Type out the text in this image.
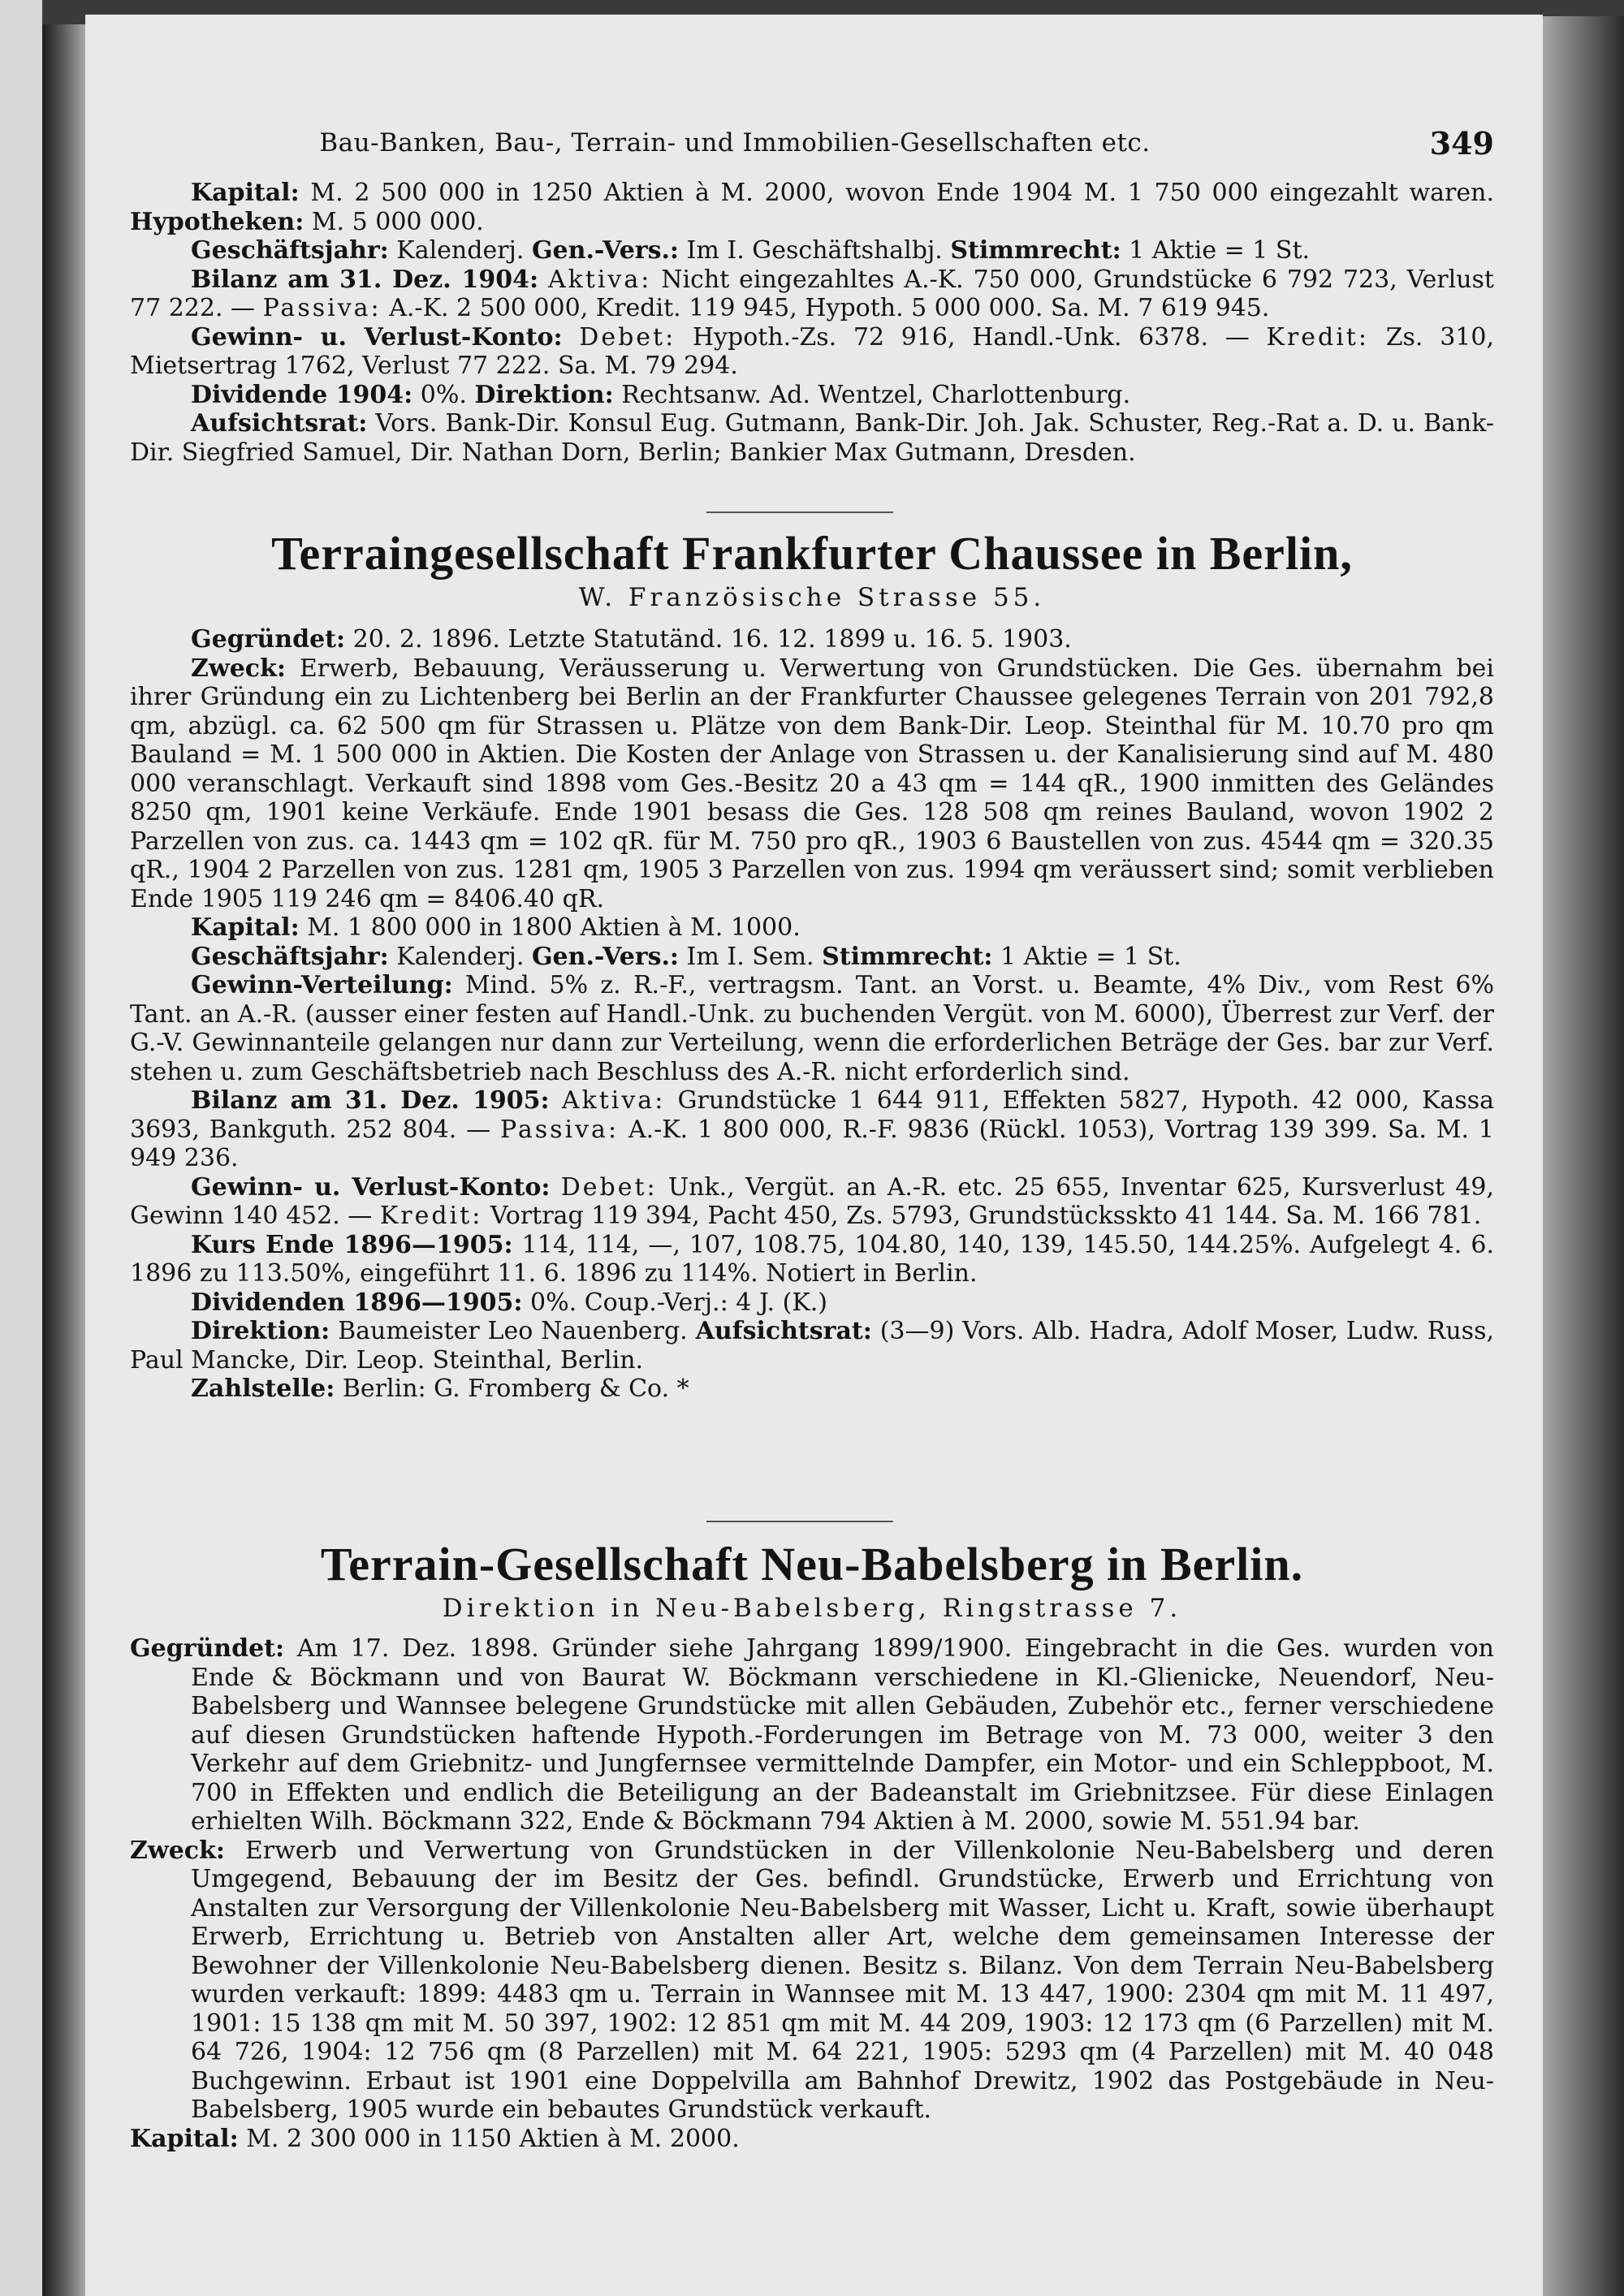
Bau-Banken, Bau-, Terrain- und Immobilien-Gesellschaften etc.	349

Kapital: M. 2 500 000 in 1250 Aktien à M. 2000, wovon Ende 1904 M. 1 750 000 eingezahlt waren. Hypotheken: M. 5 000 000.

Geschäftsjahr: Kalenderj. Gen.-Vers.: Im I. Geschäftshalbj. Stimmrecht: 1 Aktie = 1 St.

Bilanz am 31. Dez. 1904: Aktiva: Nicht eingezahltes A.-K. 750 000, Grundstücke 6 792 723, Verlust 77 222. — Passiva: A.-K. 2 500 000, Kredit. 119 945, Hypoth. 5 000 000. Sa. M. 7 619 945.

Gewinn- u. Verlust-Konto: Debet: Hypoth.-Zs. 72 916, Handl.-Unk. 6378. — Kredit: Zs. 310, Mietsertrag 1762, Verlust 77 222. Sa. M. 79 294.

Dividende 1904: 0%. Direktion: Rechtsanw. Ad. Wentzel, Charlottenburg.

Aufsichtsrat: Vors. Bank-Dir. Konsul Eug. Gutmann, Bank-Dir. Joh. Jak. Schuster, Reg.-Rat a. D. u. Bank-Dir. Siegfried Samuel, Dir. Nathan Dorn, Berlin; Bankier Max Gutmann, Dresden.

Terraingesellschaft Frankfurter Chaussee in Berlin,
W. Französische Strasse 55.

Gegründet: 20. 2. 1896. Letzte Statutänd. 16. 12. 1899 u. 16. 5. 1903.

Zweck: Erwerb, Bebauung, Veräusserung u. Verwertung von Grundstücken. Die Ges. übernahm bei ihrer Gründung ein zu Lichtenberg bei Berlin an der Frankfurter Chaussee gelegenes Terrain von 201 792,8 qm, abzügl. ca. 62 500 qm für Strassen u. Plätze von dem Bank-Dir. Leop. Steinthal für M. 10.70 pro qm Bauland = M. 1 500 000 in Aktien. Die Kosten der Anlage von Strassen u. der Kanalisierung sind auf M. 480 000 veranschlagt. Verkauft sind 1898 vom Ges.-Besitz 20 a 43 qm = 144 qR., 1900 inmitten des Geländes 8250 qm, 1901 keine Verkäufe. Ende 1901 besass die Ges. 128 508 qm reines Bauland, wovon 1902 2 Parzellen von zus. ca. 1443 qm = 102 qR. für M. 750 pro qR., 1903 6 Baustellen von zus. 4544 qm = 320.35 qR., 1904 2 Parzellen von zus. 1281 qm, 1905 3 Parzellen von zus. 1994 qm veräussert sind; somit verblieben Ende 1905 119 246 qm = 8406.40 qR.

Kapital: M. 1 800 000 in 1800 Aktien à M. 1000.

Geschäftsjahr: Kalenderj. Gen.-Vers.: Im I. Sem. Stimmrecht: 1 Aktie = 1 St.

Gewinn-Verteilung: Mind. 5% z. R.-F., vertragsm. Tant. an Vorst. u. Beamte, 4% Div., vom Rest 6% Tant. an A.-R. (ausser einer festen auf Handl.-Unk. zu buchenden Vergüt. von M. 6000), Überrest zur Verf. der G.-V. Gewinnanteile gelangen nur dann zur Verteilung, wenn die erforderlichen Beträge der Ges. bar zur Verf. stehen u. zum Geschäftsbetrieb nach Beschluss des A.-R. nicht erforderlich sind.

Bilanz am 31. Dez. 1905: Aktiva: Grundstücke 1 644 911, Effekten 5827, Hypoth. 42 000, Kassa 3693, Bankguth. 252 804. — Passiva: A.-K. 1 800 000, R.-F. 9836 (Rückl. 1053), Vortrag 139 399. Sa. M. 1 949 236.

Gewinn- u. Verlust-Konto: Debet: Unk., Vergüt. an A.-R. etc. 25 655, Inventar 625, Kursverlust 49, Gewinn 140 452. — Kredit: Vortrag 119 394, Pacht 450, Zs. 5793, Grundstücksskto 41 144. Sa. M. 166 781.

Kurs Ende 1896—1905: 114, 114, —, 107, 108.75, 104.80, 140, 139, 145.50, 144.25%. Aufgelegt 4. 6. 1896 zu 113.50%, eingeführt 11. 6. 1896 zu 114%. Notiert in Berlin.

Dividenden 1896—1905: 0%. Coup.-Verj.: 4 J. (K.)

Direktion: Baumeister Leo Nauenberg. Aufsichtsrat: (3—9) Vors. Alb. Hadra, Adolf Moser, Ludw. Russ, Paul Mancke, Dir. Leop. Steinthal, Berlin.

Zahlstelle: Berlin: G. Fromberg & Co. *

Terrain-Gesellschaft Neu-Babelsberg in Berlin.
Direktion in Neu-Babelsberg, Ringstrasse 7.

Gegründet: Am 17. Dez. 1898. Gründer siehe Jahrgang 1899/1900. Eingebracht in die Ges. wurden von Ende & Böckmann und von Baurat W. Böckmann verschiedene in Kl.-Glienicke, Neuendorf, Neu-Babelsberg und Wannsee belegene Grundstücke mit allen Gebäuden, Zubehör etc., ferner verschiedene auf diesen Grundstücken haftende Hypoth.-Forderungen im Betrage von M. 73 000, weiter 3 den Verkehr auf dem Griebnitz- und Jungfernsee vermittelnde Dampfer, ein Motor- und ein Schleppboot, M. 700 in Effekten und endlich die Beteiligung an der Badeanstalt im Griebnitzsee. Für diese Einlagen erhielten Wilh. Böckmann 322, Ende & Böckmann 794 Aktien à M. 2000, sowie M. 551.94 bar.

Zweck: Erwerb und Verwertung von Grundstücken in der Villenkolonie Neu-Babelsberg und deren Umgegend, Bebauung der im Besitz der Ges. befindl. Grundstücke, Erwerb und Errichtung von Anstalten zur Versorgung der Villenkolonie Neu-Babelsberg mit Wasser, Licht u. Kraft, sowie überhaupt Erwerb, Errichtung u. Betrieb von Anstalten aller Art, welche dem gemeinsamen Interesse der Bewohner der Villenkolonie Neu-Babelsberg dienen. Besitz s. Bilanz. Von dem Terrain Neu-Babelsberg wurden verkauft: 1899: 4483 qm u. Terrain in Wannsee mit M. 13 447, 1900: 2304 qm mit M. 11 497, 1901: 15 138 qm mit M. 50 397, 1902: 12 851 qm mit M. 44 209, 1903: 12 173 qm (6 Parzellen) mit M. 64 726, 1904: 12 756 qm (8 Parzellen) mit M. 64 221, 1905: 5293 qm (4 Parzellen) mit M. 40 048 Buchgewinn. Erbaut ist 1901 eine Doppelvilla am Bahnhof Drewitz, 1902 das Postgebäude in Neu-Babelsberg, 1905 wurde ein bebautes Grundstück verkauft.

Kapital: M. 2 300 000 in 1150 Aktien à M. 2000.
